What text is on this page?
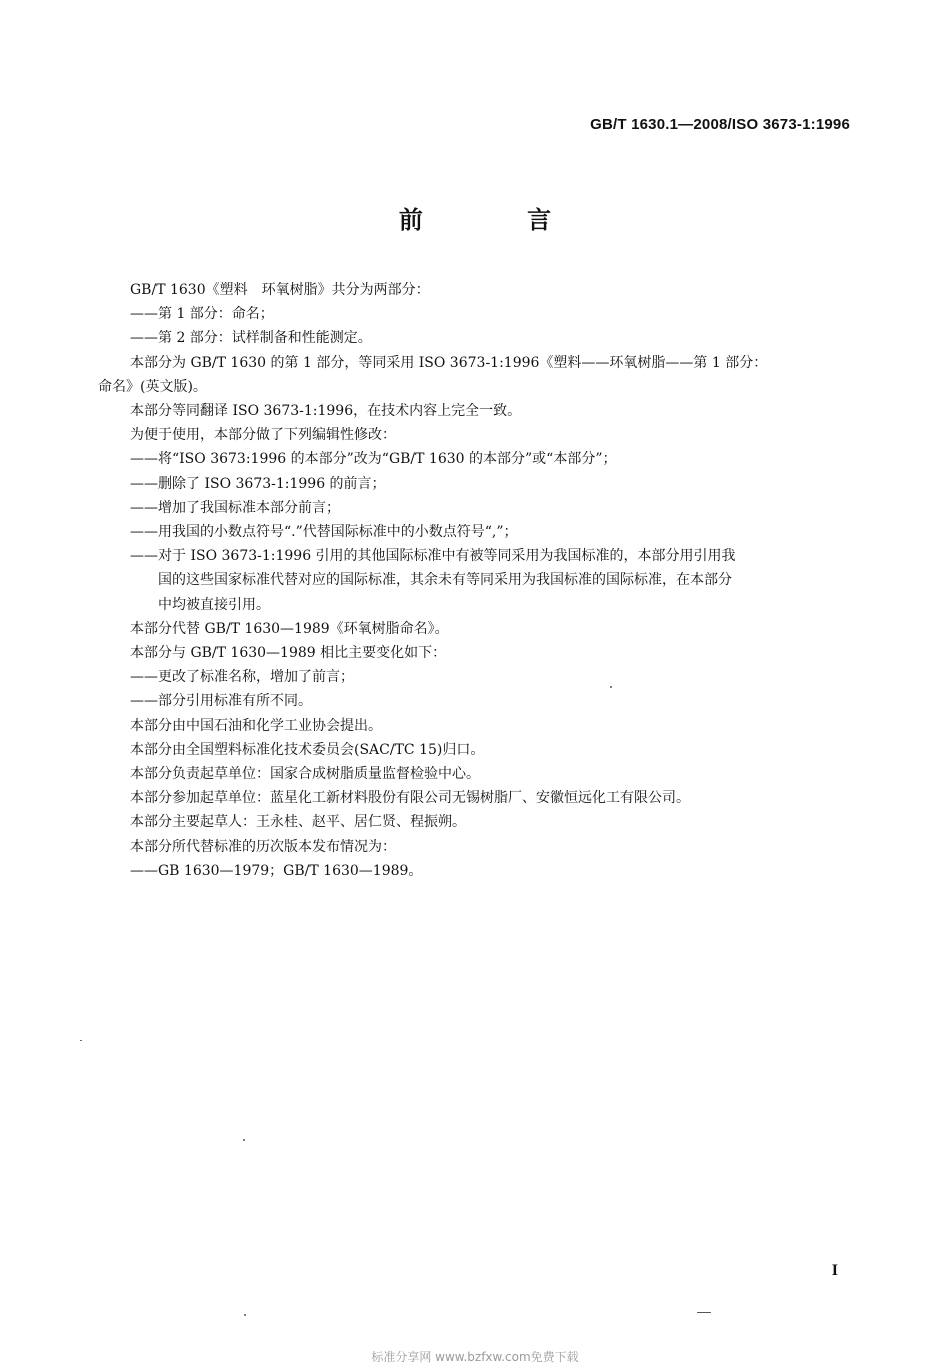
GB/T 1630.1—2008/ISO 3673-1:1996
前 言

GB/T 1630《塑料　环氧树脂》共分为两部分：

——第 1 部分：命名；

——第 2 部分：试样制备和性能测定。

本部分为 GB/T 1630 的第 1 部分，等同采用 ISO 3673-1:1996《塑料——环氧树脂——第 1 部分：

命名》(英文版)。

本部分等同翻译 ISO 3673-1:1996，在技术内容上完全一致。

为便于使用，本部分做了下列编辑性修改：

——将“ISO 3673:1996 的本部分”改为“GB/T 1630 的本部分”或“本部分”；

——删除了 ISO 3673-1:1996 的前言；

——增加了我国标准本部分前言；

——用我国的小数点符号“.”代替国际标准中的小数点符号“,”；

——对于 ISO 3673-1:1996 引用的其他国际标准中有被等同采用为我国标准的，本部分用引用我

国的这些国家标准代替对应的国际标准，其余未有等同采用为我国标准的国际标准，在本部分

中均被直接引用。

本部分代替 GB/T 1630—1989《环氧树脂命名》。

本部分与 GB/T 1630—1989 相比主要变化如下：

——更改了标准名称，增加了前言；

——部分引用标准有所不同。

本部分由中国石油和化学工业协会提出。

本部分由全国塑料标准化技术委员会(SAC/TC 15)归口。

本部分负责起草单位：国家合成树脂质量监督检验中心。

本部分参加起草单位：蓝星化工新材料股份有限公司无锡树脂厂、安徽恒远化工有限公司。

本部分主要起草人：王永桂、赵平、居仁贤、程振朔。

本部分所代替标准的历次版本发布情况为：

——GB 1630—1979；GB/T 1630—1989。

I
标准分享网 www.bzfxw.com免费下载
